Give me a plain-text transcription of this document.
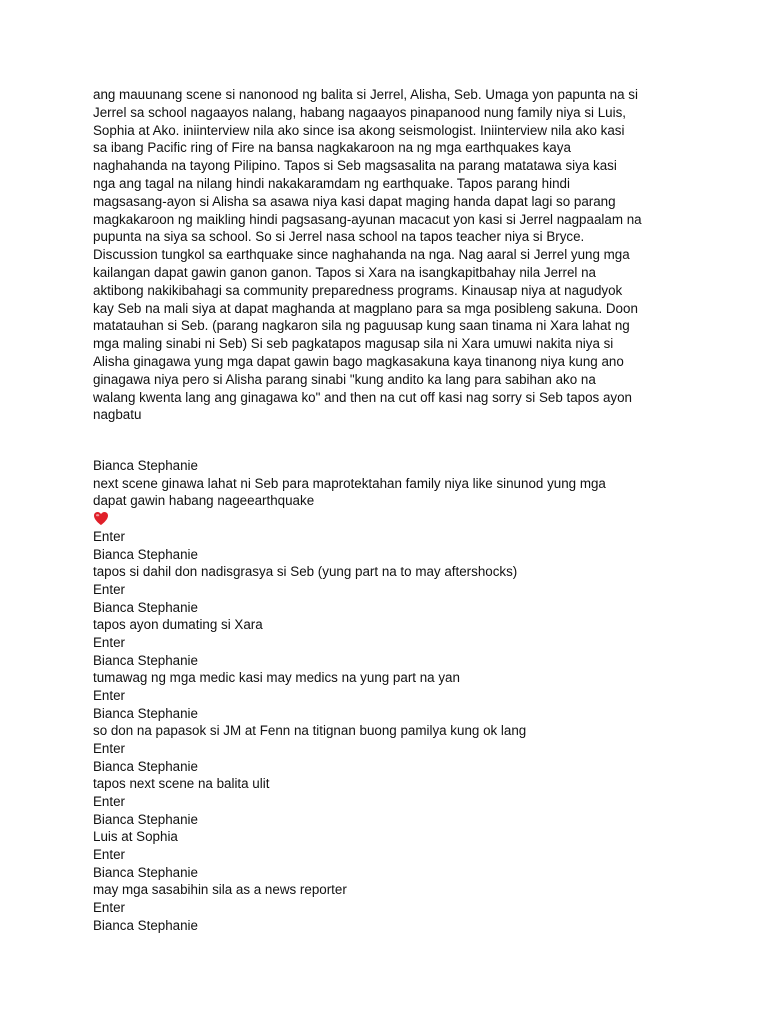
ang mauunang scene si nanonood ng balita si Jerrel, Alisha, Seb. Umaga yon papunta na si
Jerrel sa school nagaayos nalang, habang nagaayos pinapanood nung family niya si Luis,
Sophia at Ako. iniinterview nila ako since isa akong seismologist. Iniinterview nila ako kasi
sa ibang Pacific ring of Fire na bansa nagkakaroon na ng mga earthquakes kaya
naghahanda na tayong Pilipino. Tapos si Seb magsasalita na parang matatawa siya kasi
nga ang tagal na nilang hindi nakakaramdam ng earthquake. Tapos parang hindi
magsasang-ayon si Alisha sa asawa niya kasi dapat maging handa dapat lagi so parang
magkakaroon ng maikling hindi pagsasang-ayunan macacut yon kasi si Jerrel nagpaalam na
pupunta na siya sa school. So si Jerrel nasa school na tapos teacher niya si Bryce.
Discussion tungkol sa earthquake since naghahanda na nga. Nag aaral si Jerrel yung mga
kailangan dapat gawin ganon ganon. Tapos si Xara na isangkapitbahay nila Jerrel na
aktibong nakikibahagi sa community preparedness programs. Kinausap niya at nagudyok
kay Seb na mali siya at dapat maghanda at magplano para sa mga posibleng sakuna. Doon
matatauhan si Seb. (parang nagkaron sila ng paguusap kung saan tinama ni Xara lahat ng
mga maling sinabi ni Seb) Si seb pagkatapos magusap sila ni Xara umuwi nakita niya si
Alisha ginagawa yung mga dapat gawin bago magkasakuna kaya tinanong niya kung ano
ginagawa niya pero si Alisha parang sinabi "kung andito ka lang para sabihan ako na
walang kwenta lang ang ginagawa ko" and then na cut off kasi nag sorry si Seb tapos ayon
nagbatu

Bianca Stephanie
next scene ginawa lahat ni Seb para maprotektahan family niya like sinunod yung mga
dapat gawin habang nageearthquake
Enter
Bianca Stephanie
tapos si dahil don nadisgrasya si Seb (yung part na to may aftershocks)
Enter
Bianca Stephanie
tapos ayon dumating si Xara
Enter
Bianca Stephanie
tumawag ng mga medic kasi may medics na yung part na yan
Enter
Bianca Stephanie
so don na papasok si JM at Fenn na titignan buong pamilya kung ok lang
Enter
Bianca Stephanie
tapos next scene na balita ulit
Enter
Bianca Stephanie
Luis at Sophia
Enter
Bianca Stephanie
may mga sasabihin sila as a news reporter
Enter
Bianca Stephanie
